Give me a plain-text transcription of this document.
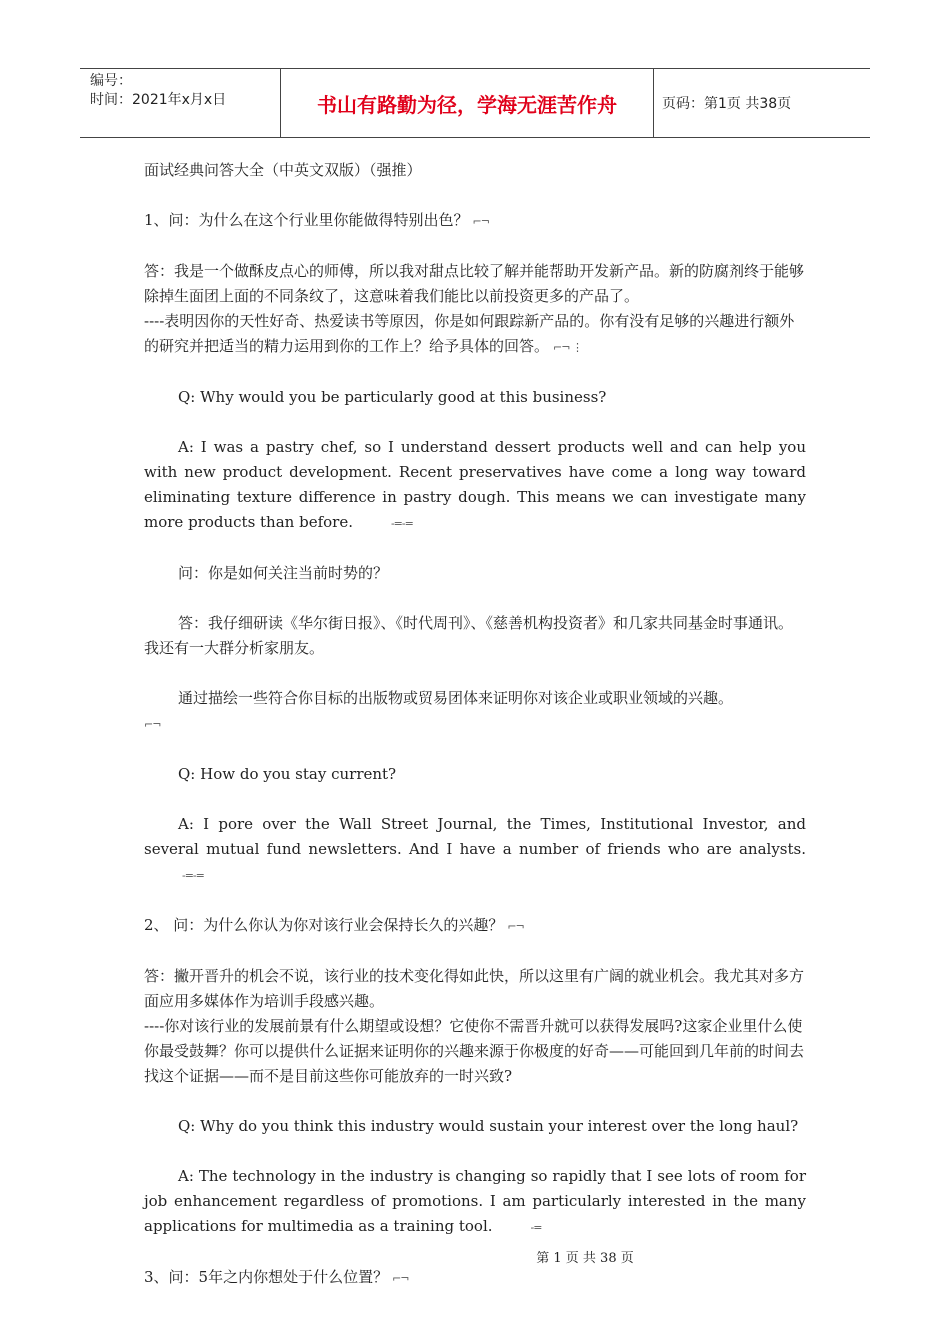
编号：
时间：2021年x月x日	书山有路勤为径，学海无涯苦作舟	页码：第1页 共38页

面试经典问答大全（中英文双版）（强推）

1、问：为什么在这个行业里你能做得特别出色？ ⌐¬

答：我是一个做酥皮点心的师傅，所以我对甜点比较了解并能帮助开发新产品。新的防腐剂终于能够除掉生面团上面的不同条纹了，这意味着我们能比以前投资更多的产品了。

----表明因你的天性好奇、热爱读书等原因，你是如何跟踪新产品的。你有没有足够的兴趣进行额外的研究并把适当的精力运用到你的工作上？给予具体的回答。 ⌐¬ ⋮

Q: Why would you be particularly good at this business?

A: I was a pastry chef, so I understand dessert products well and can help you with new product development. Recent preservatives have come a long way toward eliminating texture difference in pastry dough. This means we can investigate many more products than before.	-=-=

问：你是如何关注当前时势的？

答：我仔细研读《华尔街日报》、《时代周刊》、《慈善机构投资者》和几家共同基金时事通讯。我还有一大群分析家朋友。

通过描绘一些符合你目标的出版物或贸易团体来证明你对该企业或职业领域的兴趣。

⌐¬

Q: How do you stay current?

A: I pore over the Wall Street Journal, the Times, Institutional Investor, and several mutual fund newsletters. And I have a number of friends who are analysts.-=-=

2、 问：为什么你认为你对该行业会保持长久的兴趣？ ⌐¬

答：撇开晋升的机会不说，该行业的技术变化得如此快，所以这里有广阔的就业机会。我尤其对多方面应用多媒体作为培训手段感兴趣。

----你对该行业的发展前景有什么期望或设想？它使你不需晋升就可以获得发展吗?这家企业里什么使你最受鼓舞？你可以提供什么证据来证明你的兴趣来源于你极度的好奇——可能回到几年前的时间去找这个证据——而不是目前这些你可能放弃的一时兴致?

Q: Why do you think this industry would sustain your interest over the long haul?

A: The technology in the industry is changing so rapidly that I see lots of room for job enhancement regardless of promotions. I am particularly interested in the many applications for multimedia as a training tool.	-=

3、问：5年之内你想处于什么位置？ ⌐¬

第 1 页 共 38 页
